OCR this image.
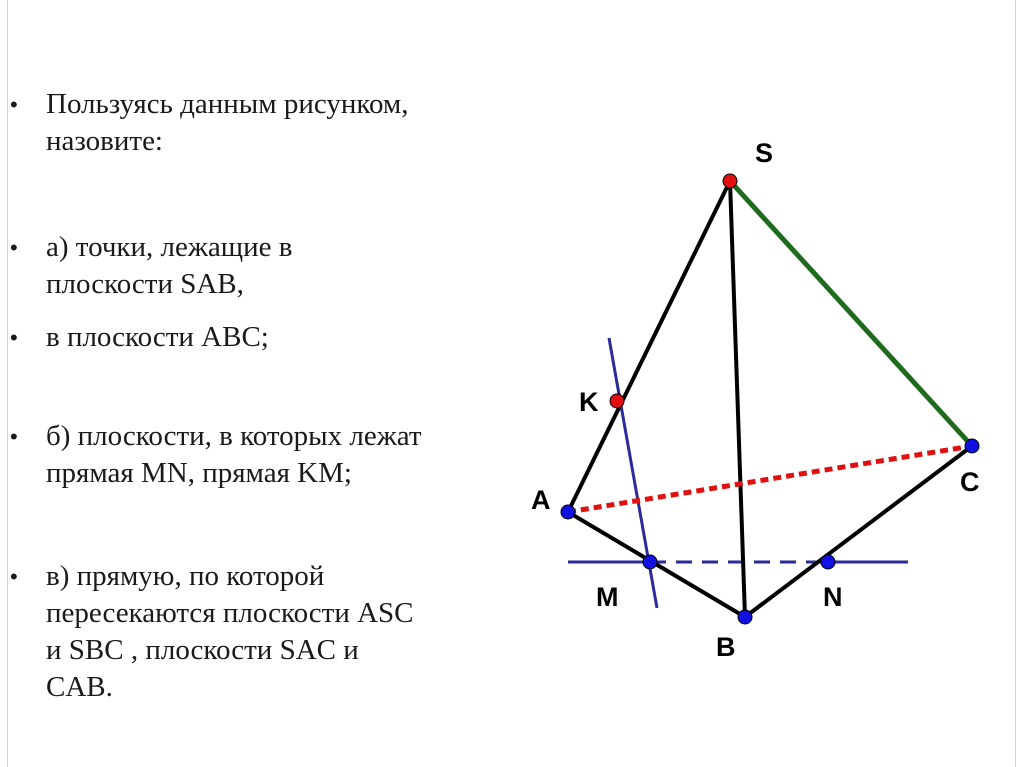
• Пользуясь данным рисунком,
назовите:
• а) точки, лежащие в
плоскости SAB,
• в плоскости ABC;
• б) плоскости, в которых лежат
прямая MN, прямая KM;
• в) прямую, по которой
пересекаются плоскости ASC
и SBC , плоскости SAC и
CAB.
S
K
A
C
M	N
B
